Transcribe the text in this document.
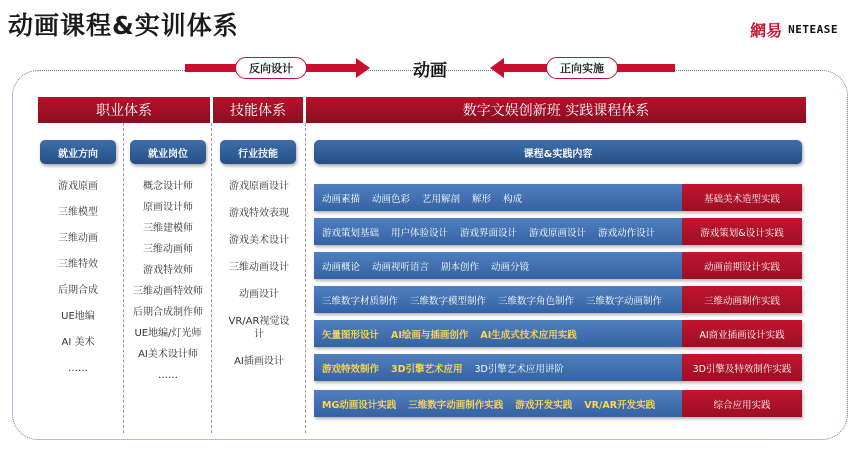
动画课程&实训体系	網易 NETEASE
反向设计	动画	正向实施
职业体系	技能体系	数字文娱创新班 实践课程体系
就业方向	就业岗位	行业技能	课程&实践内容
游戏原画
三维模型
三维动画
三维特效
后期合成
UE地编
AI 美术
……
概念设计师
原画设计师
三维建模师
三维动画师
游戏特效师
三维动画特效师
后期合成制作师
UE地编/灯光师
AI美术设计师
……
游戏原画设计
游戏特效表现
游戏美术设计
三维动画设计
动画设计
VR/AR视觉设计
AI插画设计
动画素描 动画色彩 艺用解剖 解形 构成	基础美术造型实践
游戏策划基础 用户体验设计 游戏界面设计 游戏原画设计 游戏动作设计	游戏策划&设计实践
动画概论 动画视听语言 剧本创作 动画分镜	动画前期设计实践
三维数字材质制作 三维数字模型制作 三维数字角色制作 三维数字动画制作	三维动画制作实践
矢量图形设计 AI绘画与插画创作 AI生成式技术应用实践	AI商业插画设计实践
游戏特效制作 3D引擎艺术应用 3D引擎艺术应用讲阶	3D引擎及特效制作实践
MG动画设计实践 三维数字动画制作实践 游戏开发实践 VR/AR开发实践	综合应用实践
